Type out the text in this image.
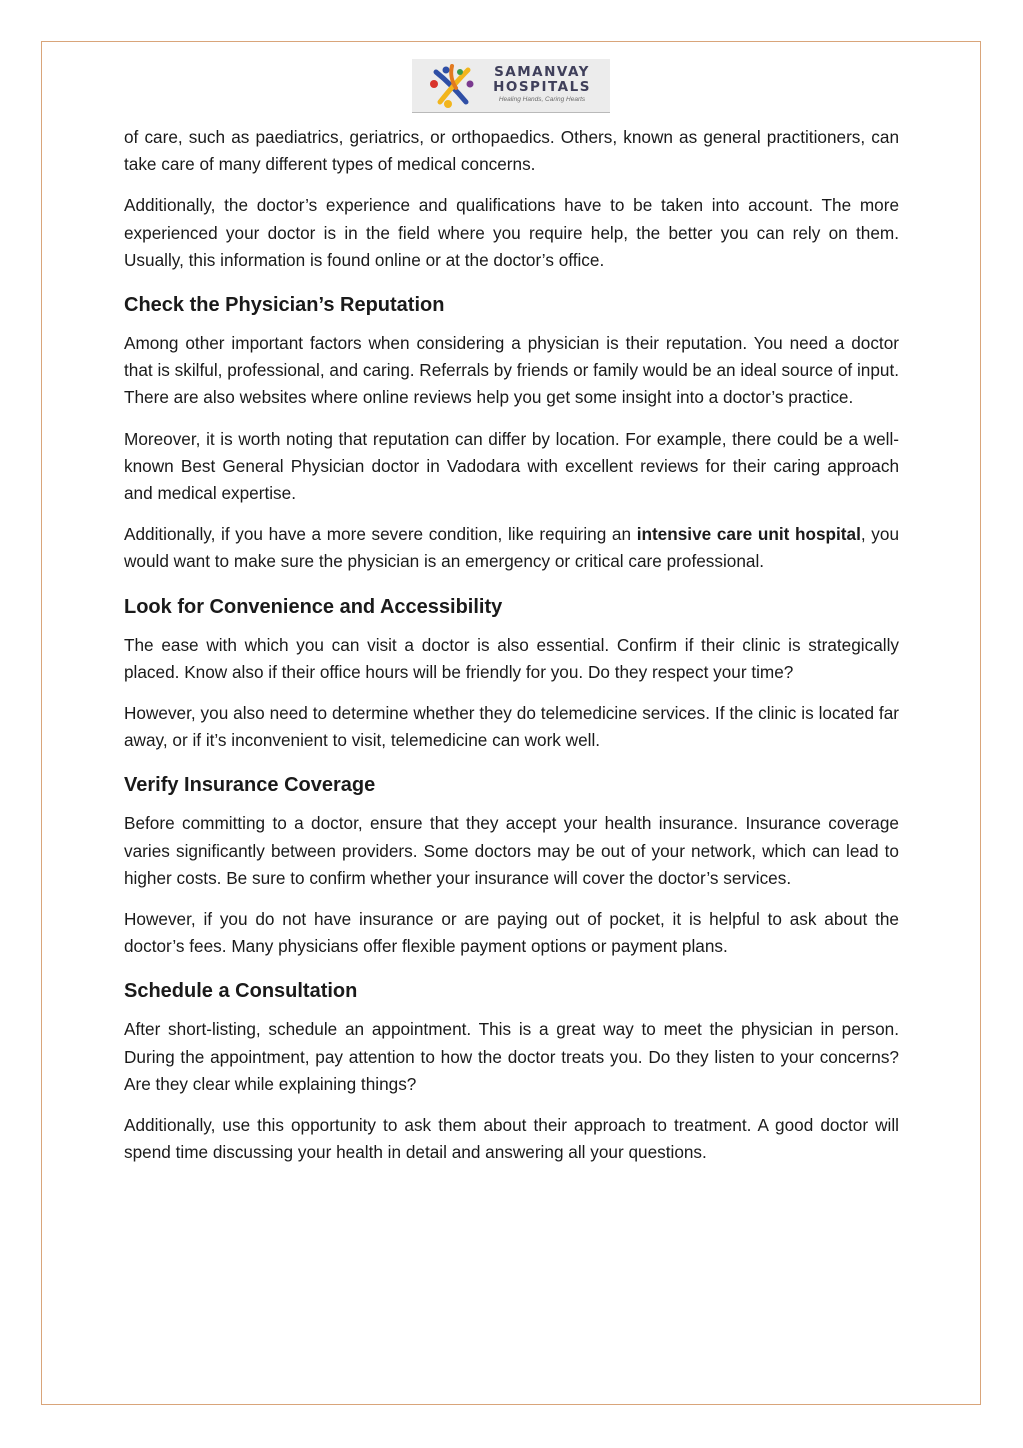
SAMANVAY
HOSPITALS
Healing Hands, Caring Hearts

of care, such as paediatrics, geriatrics, or orthopaedics. Others, known as general practitioners, can take care of many different types of medical concerns.

Additionally, the doctor’s experience and qualifications have to be taken into account. The more experienced your doctor is in the field where you require help, the better you can rely on them. Usually, this information is found online or at the doctor’s office.

Check the Physician’s Reputation

Among other important factors when considering a physician is their reputation. You need a doctor that is skilful, professional, and caring. Referrals by friends or family would be an ideal source of input. There are also websites where online reviews help you get some insight into a doctor’s practice.

Moreover, it is worth noting that reputation can differ by location. For example, there could be a well-known Best General Physician doctor in Vadodara with excellent reviews for their caring approach and medical expertise.

Additionally, if you have a more severe condition, like requiring an intensive care unit hospital, you would want to make sure the physician is an emergency or critical care professional.

Look for Convenience and Accessibility

The ease with which you can visit a doctor is also essential. Confirm if their clinic is strategically placed. Know also if their office hours will be friendly for you. Do they respect your time?

However, you also need to determine whether they do telemedicine services. If the clinic is located far away, or if it’s inconvenient to visit, telemedicine can work well.

Verify Insurance Coverage

Before committing to a doctor, ensure that they accept your health insurance. Insurance coverage varies significantly between providers. Some doctors may be out of your network, which can lead to higher costs. Be sure to confirm whether your insurance will cover the doctor’s services.

However, if you do not have insurance or are paying out of pocket, it is helpful to ask about the doctor’s fees. Many physicians offer flexible payment options or payment plans.

Schedule a Consultation

After short-listing, schedule an appointment. This is a great way to meet the physician in person. During the appointment, pay attention to how the doctor treats you. Do they listen to your concerns? Are they clear while explaining things?

Additionally, use this opportunity to ask them about their approach to treatment. A good doctor will spend time discussing your health in detail and answering all your questions.
